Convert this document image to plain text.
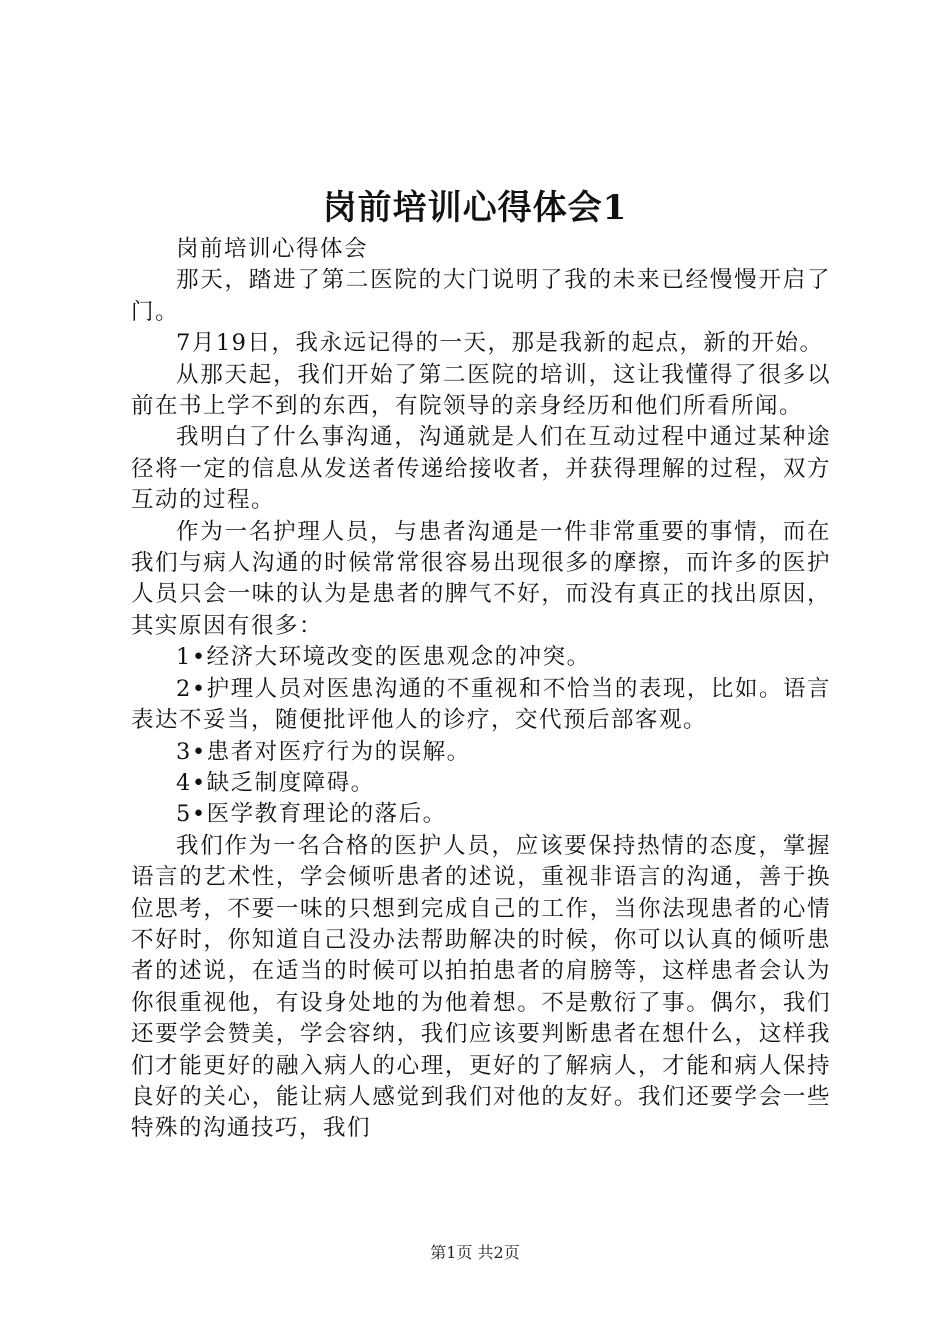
岗前培训心得体会1

岗前培训心得体会

那天，踏进了第二医院的大门说明了我的未来已经慢慢开启了门。

7月19日，我永远记得的一天，那是我新的起点，新的开始。

从那天起，我们开始了第二医院的培训，这让我懂得了很多以前在书上学不到的东西，有院领导的亲身经历和他们所看所闻。

我明白了什么事沟通，沟通就是人们在互动过程中通过某种途径将一定的信息从发送者传递给接收者，并获得理解的过程，双方互动的过程。

作为一名护理人员，与患者沟通是一件非常重要的事情，而在我们与病人沟通的时候常常很容易出现很多的摩擦，而许多的医护人员只会一味的认为是患者的脾气不好，而没有真正的找出原因，其实原因有很多：

1•经济大环境改变的医患观念的冲突。

2•护理人员对医患沟通的不重视和不恰当的表现，比如。语言表达不妥当，随便批评他人的诊疗，交代预后部客观。

3•患者对医疗行为的误解。

4•缺乏制度障碍。

5•医学教育理论的落后。

我们作为一名合格的医护人员，应该要保持热情的态度，掌握语言的艺术性，学会倾听患者的述说，重视非语言的沟通，善于换位思考，不要一味的只想到完成自己的工作，当你法现患者的心情不好时，你知道自己没办法帮助解决的时候，你可以认真的倾听患者的述说，在适当的时候可以拍拍患者的肩膀等，这样患者会认为你很重视他，有设身处地的为他着想。不是敷衍了事。偶尔，我们还要学会赞美，学会容纳，我们应该要判断患者在想什么，这样我们才能更好的融入病人的心理，更好的了解病人，才能和病人保持良好的关心，能让病人感觉到我们对他的友好。我们还要学会一些特殊的沟通技巧，我们

第1页 共2页
